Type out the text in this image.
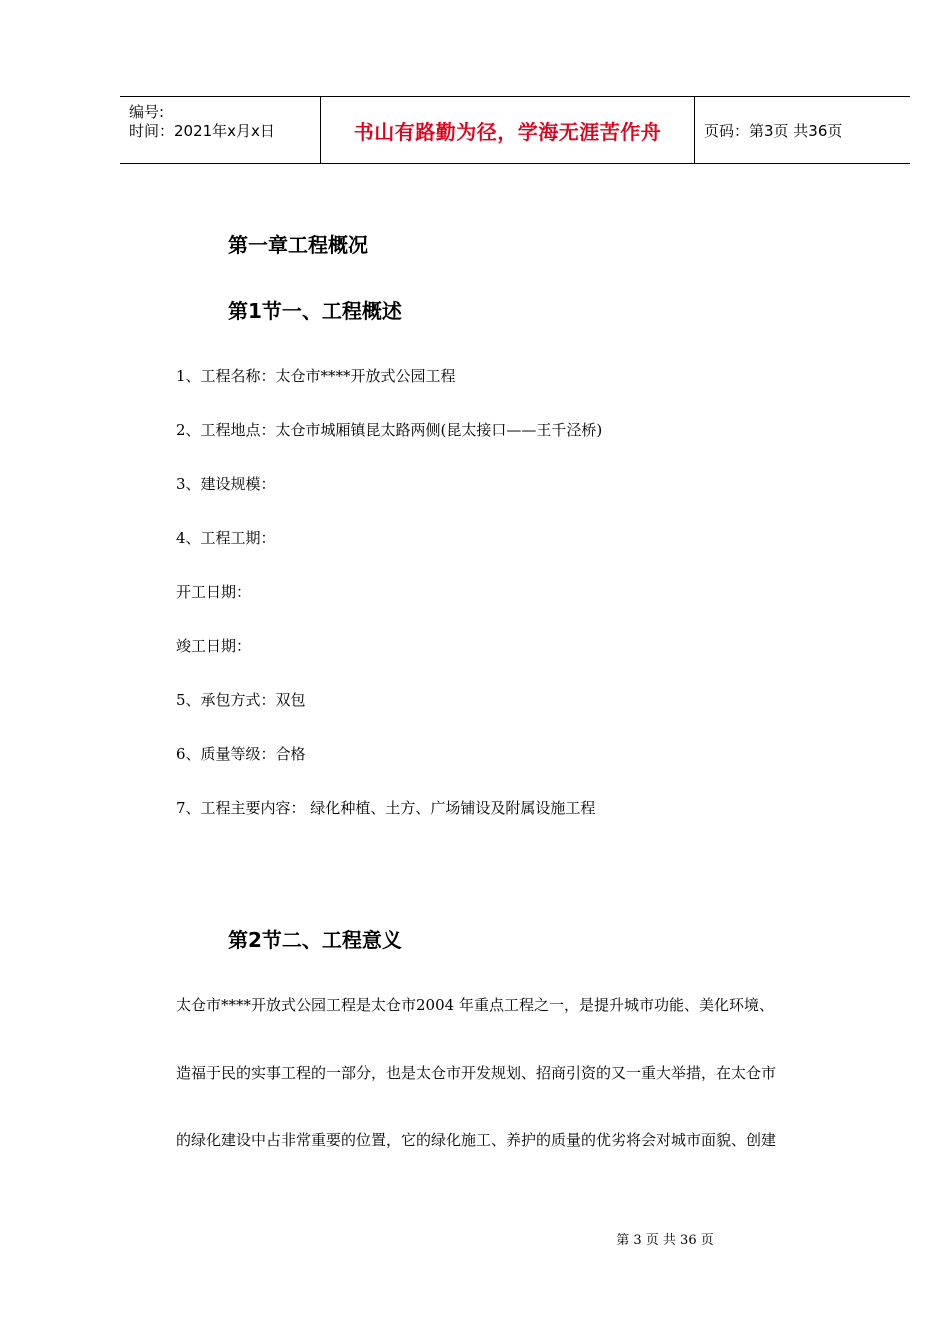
编号:
时间：2021年x月x日	书山有路勤为径，学海无涯苦作舟	页码：第3页 共36页
第一章工程概况
第1节一、工程概述
1、工程名称：太仓市****开放式公园工程
2、工程地点：太仓市城厢镇昆太路两侧(昆太接口——王千泾桥)
3、建设规模：
4、工程工期：
开工日期：
竣工日期：
5、承包方式：双包
6、质量等级：合格
7、工程主要内容： 绿化种植、土方、广场铺设及附属设施工程
第2节二、工程意义
太仓市****开放式公园工程是太仓市2004 年重点工程之一，是提升城市功能、美化环境、
造福于民的实事工程的一部分，也是太仓市开发规划、招商引资的又一重大举措，在太仓市
的绿化建设中占非常重要的位置，它的绿化施工、养护的质量的优劣将会对城市面貌、创建
第 3 页 共 36 页
